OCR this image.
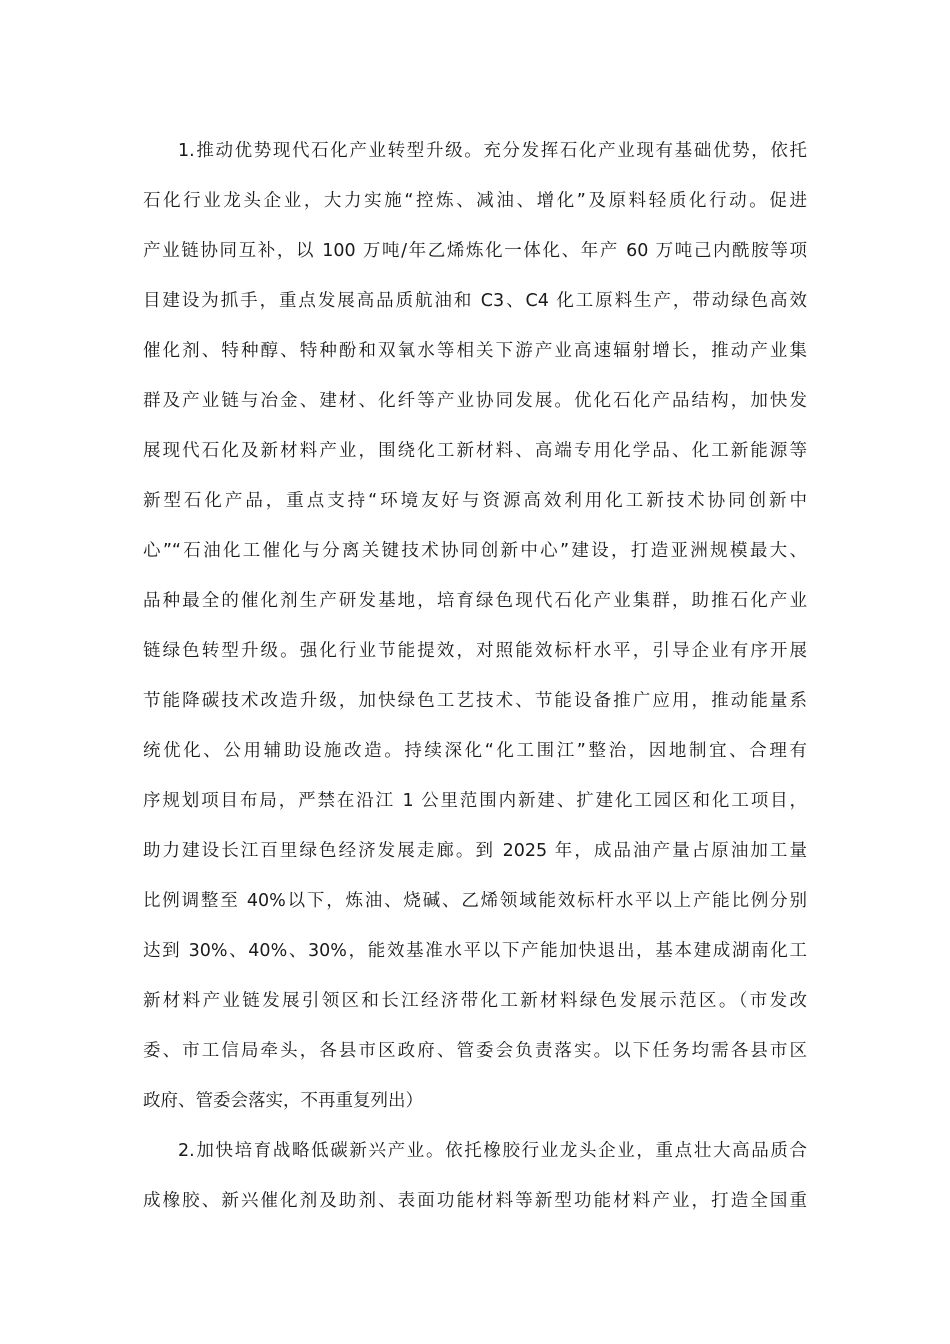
1.推动优势现代石化产业转型升级。充分发挥石化产业现有基础优势，依托
石化行业龙头企业，大力实施“控炼、减油、增化”及原料轻质化行动。促进
产业链协同互补，以 100 万吨/年乙烯炼化一体化、年产 60 万吨己内酰胺等项
目建设为抓手，重点发展高品质航油和 C3、C4 化工原料生产，带动绿色高效
催化剂、特种醇、特种酚和双氧水等相关下游产业高速辐射增长，推动产业集
群及产业链与冶金、建材、化纤等产业协同发展。优化石化产品结构，加快发
展现代石化及新材料产业，围绕化工新材料、高端专用化学品、化工新能源等
新型石化产品，重点支持“环境友好与资源高效利用化工新技术协同创新中
心”“石油化工催化与分离关键技术协同创新中心”建设，打造亚洲规模最大、
品种最全的催化剂生产研发基地，培育绿色现代石化产业集群，助推石化产业
链绿色转型升级。强化行业节能提效，对照能效标杆水平，引导企业有序开展
节能降碳技术改造升级，加快绿色工艺技术、节能设备推广应用，推动能量系
统优化、公用辅助设施改造。持续深化“化工围江”整治，因地制宜、合理有
序规划项目布局，严禁在沿江 1 公里范围内新建、扩建化工园区和化工项目，
助力建设长江百里绿色经济发展走廊。到 2025 年，成品油产量占原油加工量
比例调整至 40%以下，炼油、烧碱、乙烯领域能效标杆水平以上产能比例分别
达到 30%、40%、30%，能效基准水平以下产能加快退出，基本建成湖南化工
新材料产业链发展引领区和长江经济带化工新材料绿色发展示范区。（市发改
委、市工信局牵头，各县市区政府、管委会负责落实。以下任务均需各县市区
政府、管委会落实，不再重复列出）
2.加快培育战略低碳新兴产业。依托橡胶行业龙头企业，重点壮大高品质合
成橡胶、新兴催化剂及助剂、表面功能材料等新型功能材料产业，打造全国重
